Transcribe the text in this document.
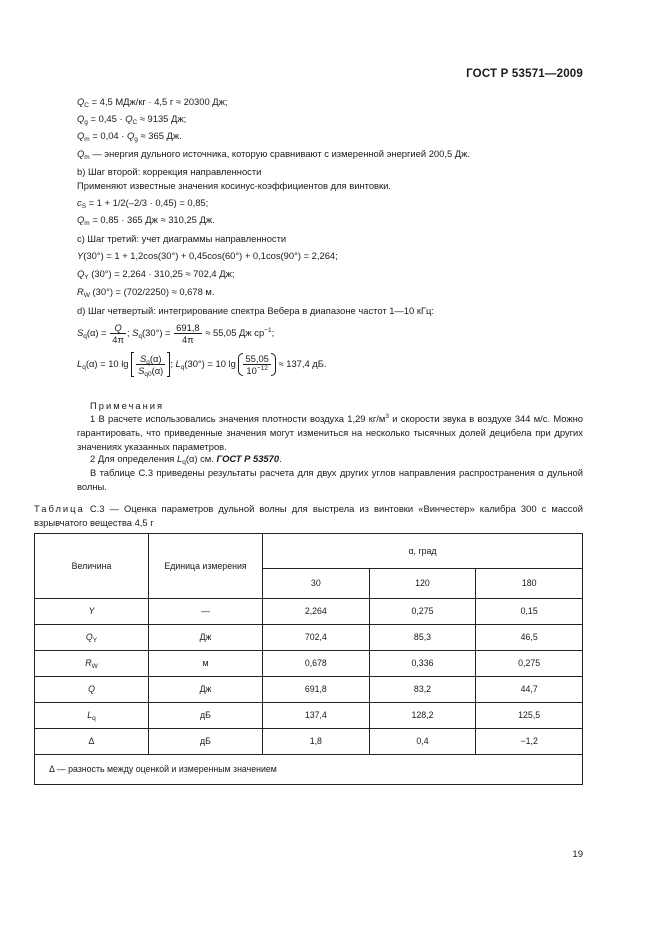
ГОСТ Р 53571—2009
$Q_C = 4,5$ МДж/кг · 4,5 г ≈ 20300 Дж;
$Q_g = 0,45 \cdot Q_C \approx 9135$ Дж;
$Q_m = 0,04 \cdot Q_g \approx 365$ Дж.
$Q_m$ — энергия дульного источника, которую сравнивают с измеренной энергией 200,5 Дж.
b) Шаг второй: коррекция направленности
Применяют известные значения косинус-коэффициентов для винтовки.
$c_S = 1 + 1/2(-2/3 \cdot 0,45) = 0,85$;
$Q_m = 0,85 \cdot 365$ Дж ≈ 310,25 Дж.
c) Шаг третий: учет диаграммы направленности
Y(30°) = 1 + 1,2cos(30°) + 0,45cos(60°) + 0,1cos(90°) = 2,264;
$Q_Y$ (30°) = 2,264 · 310,25 ≈ 702,4 Дж;
$R_W$ (30°) = (702/2250) ≈ 0,678 м.
d) Шаг четвертый: интегрирование спектра Вебера в диапазоне частот 1—10 кГц:
$S_q(\alpha) = \frac{Q}{4\pi}$ ; $S_q(30^\circ) = \frac{691,8}{4\pi} \approx 55,05$ Дж $ср^{-1}$;
$L_q(\alpha) = 10$ $\lg \frac{S_q(\alpha)}{S_{q0}(\alpha)}$ ; $L_q(30^\circ) = 10$ $\lg \frac{55,05}{10^{-12}} \approx 137,4$ дБ.
Примечания
1 В расчете использовались значения плотности воздуха 1,29 $кг/м^3$ и скорости звука в воздухе 344 м/с. Можно гарантировать, что приведенные значения могут измениться на несколько тысячных долей децибела при других значениях указанных параметров.
2 Для определения $L_q(\alpha)$ см. ГОСТ Р 53570.
В таблице С.3 приведены результаты расчета для двух других углов направления распространения α дульной волны.
Таблица С.3 — Оценка параметров дульной волны для выстрела из винтовки «Винчестер» калибра 300 с массой взрывчатого вещества 4,5 г
Величина	Единица измерения	α, град		
		30	120	180
Y	—	2,264	0,275	0,15
$Q_Y$	Дж	702,4	85,3	46,5
$R_W$	м	0,678	0,336	0,275
Q	Дж	691,8	83,2	44,7
$L_q$	дБ	137,4	128,2	125,5
Δ	дБ	1,8	0,4	−1,2
Δ — разность между оценкой и измеренным значением				
19
